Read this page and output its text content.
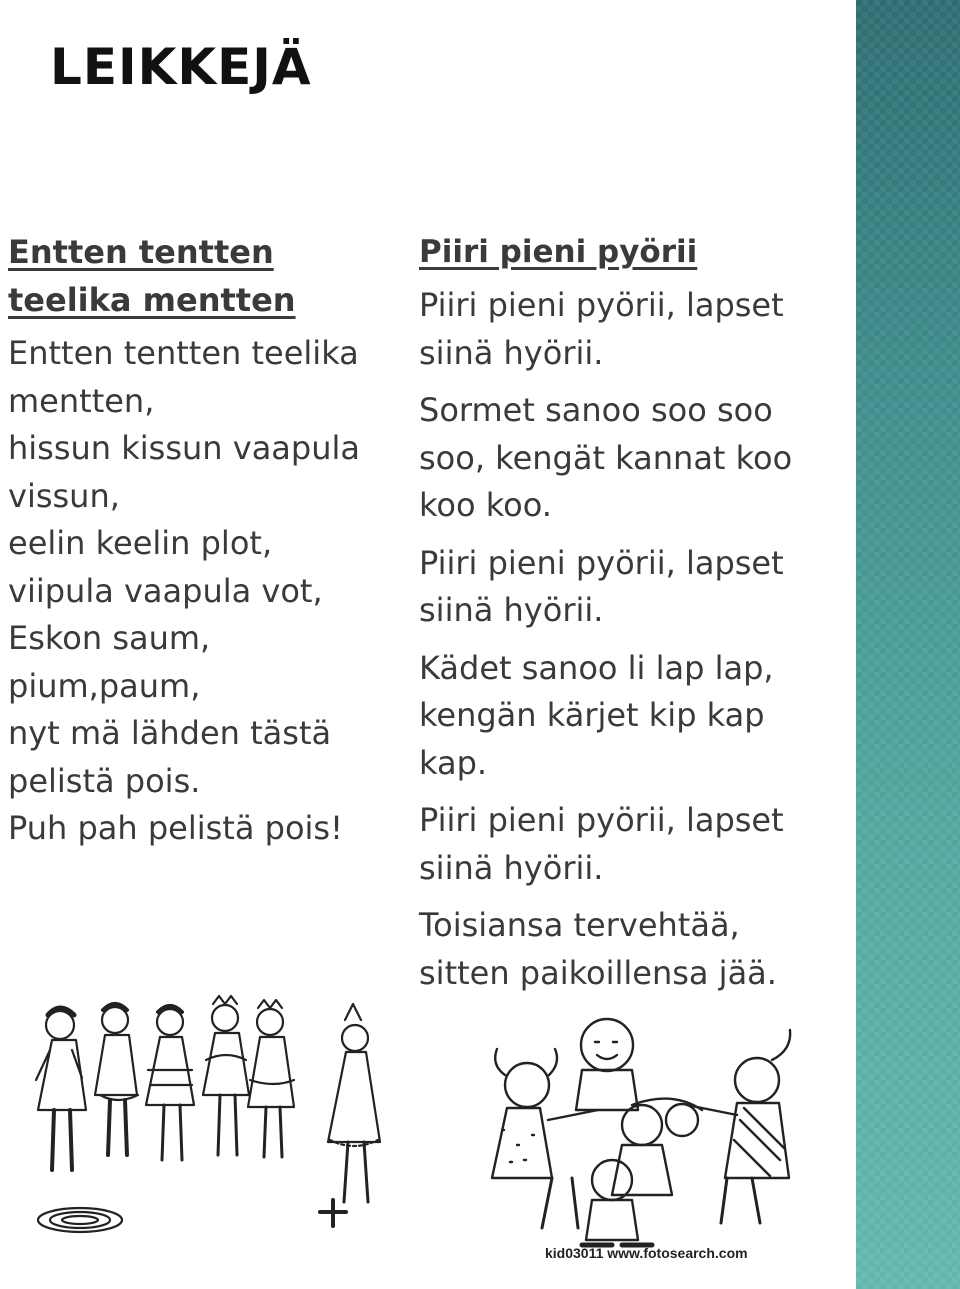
LEIKKEJÄ
Entten tentten
teelika mentten
Entten tentten teelika
mentten,
hissun kissun vaapula
vissun,
eelin keelin plot,
viipula vaapula vot,
Eskon saum,
pium,paum,
nyt mä lähden tästä
pelistä pois.
Puh pah pelistä pois!
Piiri pieni pyörii
Piiri pieni pyörii, lapset
siinä hyörii.
Sormet sanoo soo soo
soo, kengät kannat koo
koo koo.
Piiri pieni pyörii, lapset
siinä hyörii.
Kädet sanoo li lap lap,
kengän kärjet kip kap
kap.
Piiri pieni pyörii, lapset
siinä hyörii.
Toisiansa tervehtää,
sitten paikoillensa jää.
kid03011 www.fotosearch.com
